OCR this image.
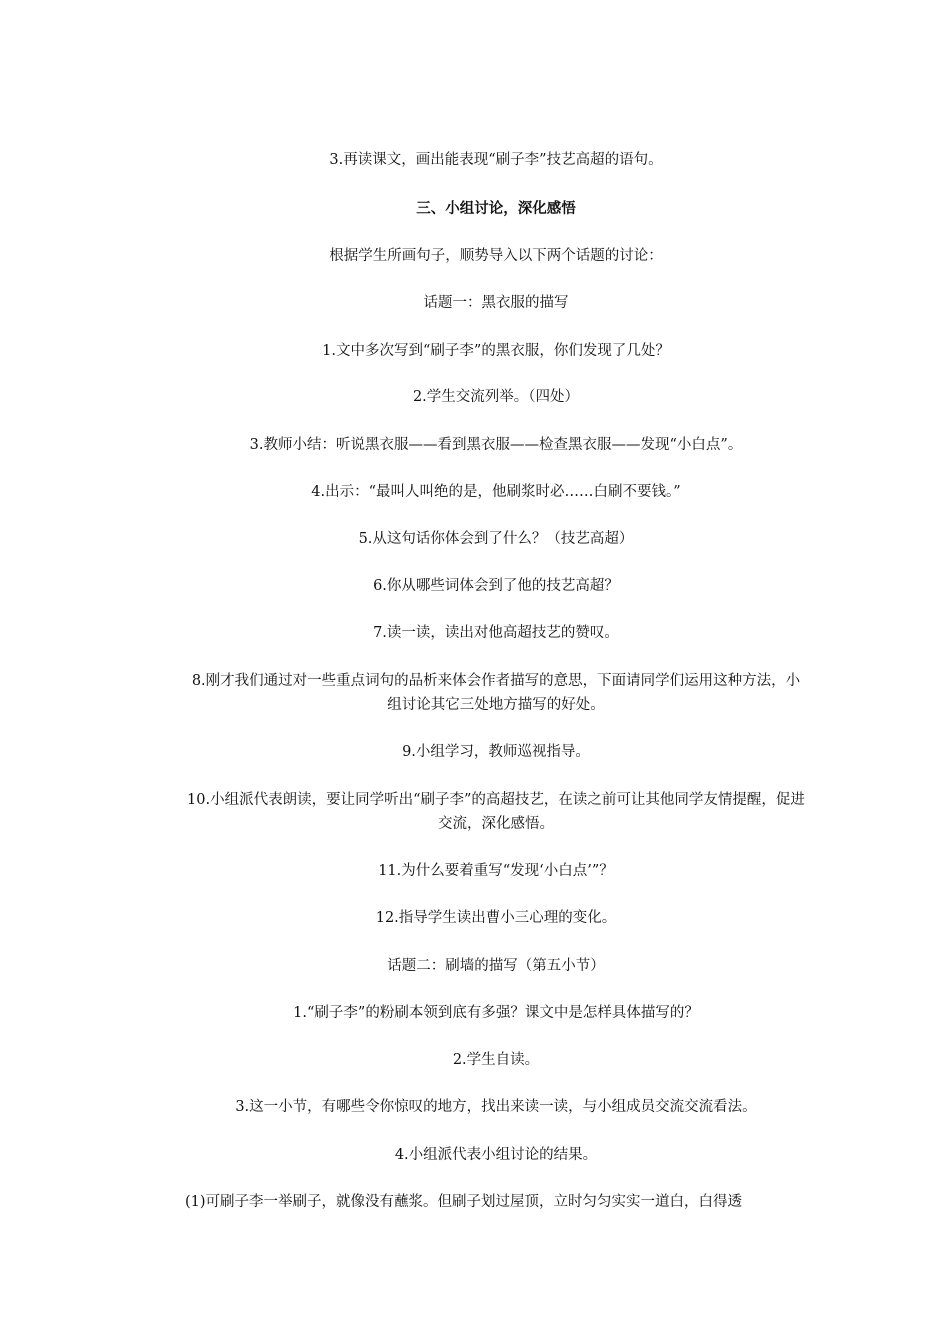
3.再读课文，画出能表现“刷子李”技艺高超的语句。
三、小组讨论，深化感悟
根据学生所画句子，顺势导入以下两个话题的讨论：
话题一：黑衣服的描写
1.文中多次写到“刷子李”的黑衣服，你们发现了几处？
2.学生交流列举。（四处）
3.教师小结：听说黑衣服——看到黑衣服——检查黑衣服——发现“小白点”。
4.出示：“最叫人叫绝的是，他刷浆时必……白刷不要钱。”
5.从这句话你体会到了什么？（技艺高超）
6.你从哪些词体会到了他的技艺高超？
7.读一读，读出对他高超技艺的赞叹。
8.刚才我们通过对一些重点词句的品析来体会作者描写的意思，下面请同学们运用这种方法，小组讨论其它三处地方描写的好处。
9.小组学习，教师巡视指导。
10.小组派代表朗读，要让同学听出“刷子李”的高超技艺，在读之前可让其他同学友情提醒，促进交流，深化感悟。
11.为什么要着重写“发现‘小白点’”？
12.指导学生读出曹小三心理的变化。
话题二：刷墙的描写（第五小节）
1.“刷子李”的粉刷本领到底有多强？课文中是怎样具体描写的？
2.学生自读。
3.这一小节，有哪些令你惊叹的地方，找出来读一读，与小组成员交流交流看法。
4.小组派代表小组讨论的结果。
(1)可刷子李一举刷子，就像没有蘸浆。但刷子划过屋顶，立时匀匀实实一道白，白得透
